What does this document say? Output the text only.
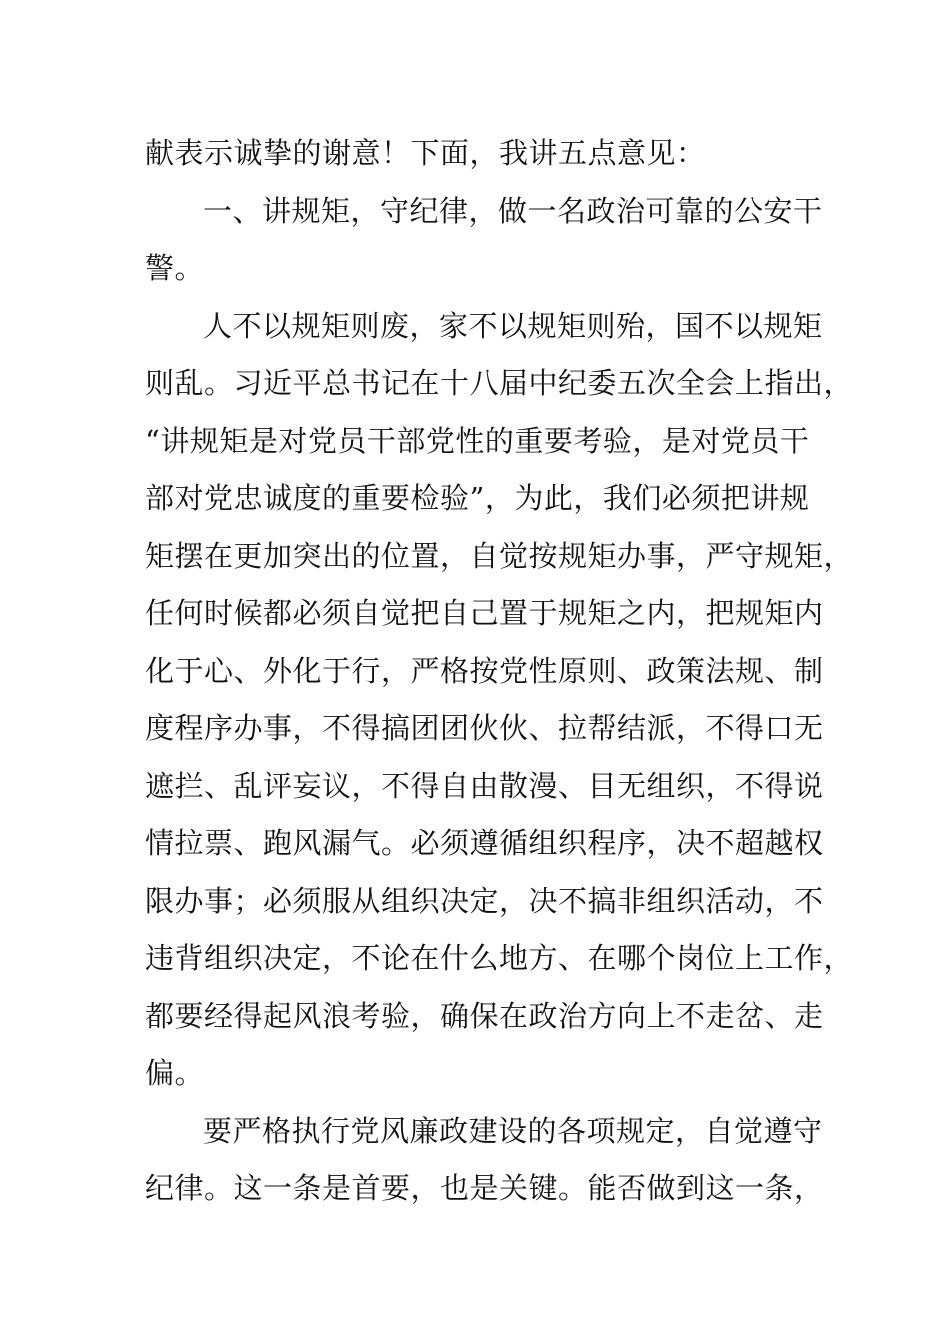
献表示诚挚的谢意！下面，我讲五点意见：
一、讲规矩，守纪律，做一名政治可靠的公安干
警。
人不以规矩则废，家不以规矩则殆，国不以规矩
则乱。习近平总书记在十八届中纪委五次全会上指出，
“讲规矩是对党员干部党性的重要考验，是对党员干
部对党忠诚度的重要检验”，为此，我们必须把讲规
矩摆在更加突出的位置，自觉按规矩办事，严守规矩，
任何时候都必须自觉把自己置于规矩之内，把规矩内
化于心、外化于行，严格按党性原则、政策法规、制
度程序办事，不得搞团团伙伙、拉帮结派，不得口无
遮拦、乱评妄议，不得自由散漫、目无组织，不得说
情拉票、跑风漏气。必须遵循组织程序，决不超越权
限办事；必须服从组织决定，决不搞非组织活动，不
违背组织决定，不论在什么地方、在哪个岗位上工作，
都要经得起风浪考验，确保在政治方向上不走岔、走
偏。
要严格执行党风廉政建设的各项规定，自觉遵守
纪律。这一条是首要，也是关键。能否做到这一条，
